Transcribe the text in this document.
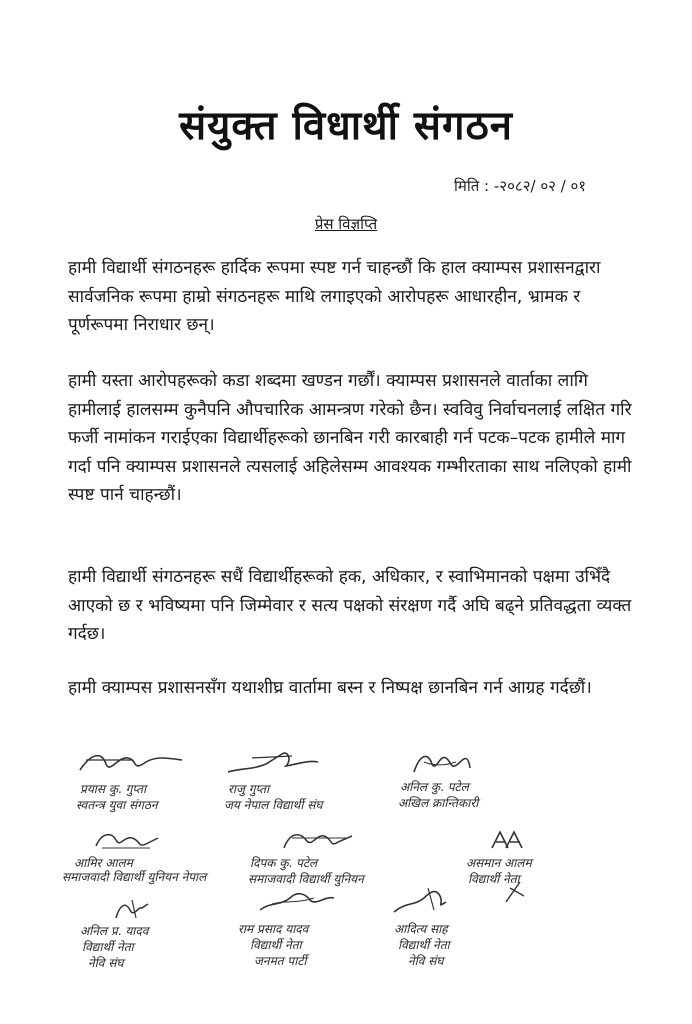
संयुक्त विधार्थी संगठन
मिति : -२०८२/ ०२ / ०१
प्रेस विज्ञप्ति
हामी विद्यार्थी संगठनहरू हार्दिक रूपमा स्पष्ट गर्न चाहन्छौं कि हाल क्याम्पस प्रशासनद्वारा सार्वजनिक रूपमा हाम्रो संगठनहरू माथि लगाइएको आरोपहरू आधारहीन, भ्रामक र पूर्णरूपमा निराधार छन्।
हामी यस्ता आरोपहरूको कडा शब्दमा खण्डन गर्छौं। क्याम्पस प्रशासनले वार्ताका लागि हामीलाई हालसम्म कुनैपनि औपचारिक आमन्त्रण गरेको छैन। स्वविवु निर्वाचनलाई लक्षित गरि फर्जी नामांकन गराईएका विद्यार्थीहरूको छानबिन गरी कारबाही गर्न पटक–पटक हामीले माग गर्दा पनि क्याम्पस प्रशासनले त्यसलाई अहिलेसम्म आवश्यक गम्भीरताका साथ नलिएको हामी स्पष्ट पार्न चाहन्छौं।
हामी विद्यार्थी संगठनहरू सधैं विद्यार्थीहरूको हक, अधिकार, र स्वाभिमानको पक्षमा उभिँदै आएको छ र भविष्यमा पनि जिम्मेवार र सत्य पक्षको संरक्षण गर्दै अघि बढ्ने प्रतिवद्धता व्यक्त गर्दछ।
हामी क्याम्पस प्रशासनसँग यथाशीघ्र वार्तामा बस्न र निष्पक्ष छानबिन गर्न आग्रह गर्दछौं।
प्रयास कु. गुप्ता
स्वतन्त्र युवा संगठन
राजु गुप्ता
जय नेपाल विद्यार्थी संघ
अनिल कु. पटेल
अखिल क्रान्तिकारी
आमिर आलम
समाजवादी विद्यार्थी युनियन नेपाल
दिपक कु. पटेल
समाजवादी विद्यार्थी युनियन
असमान आलम
विद्यार्थी नेता
अनिल प्र. यादव
विद्यार्थी नेता
नेवि संघ
राम प्रसाद यादव
विद्यार्थी नेता
जनमत पार्टी
आदित्य साह
विद्यार्थी नेता
नेवि संघ
